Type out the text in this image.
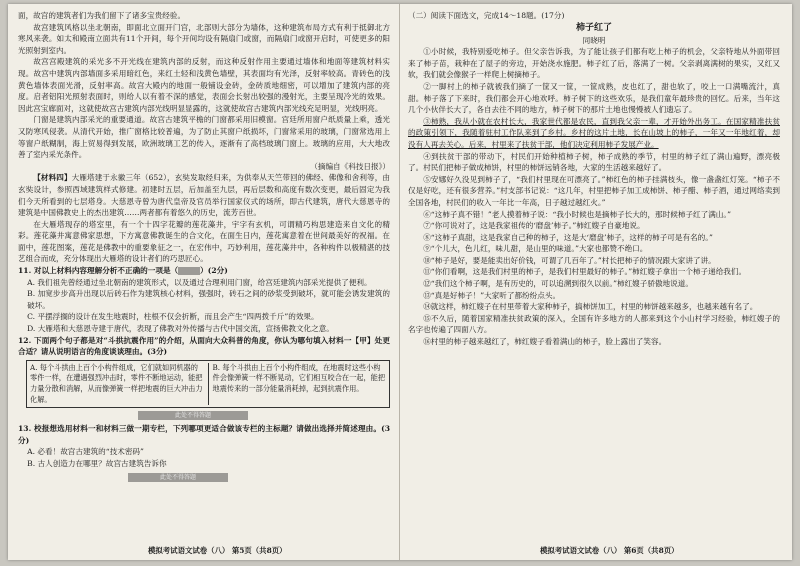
面，故宫的建筑者们为我们留下了诸多宝贵经验。

故宫建筑风格以坐北朝南，即面北立面开门宫，北部则大部分为墙体，这种建筑布局方式有利于抵御北方寒风来袭。如太和殿南立面共有11个开间，每个开间均设有隔扇门或窗，而隔扇门或窗开启时，可使更多的阳光照射到室内。

故宫宫殿建筑的采光多不开光线在建筑内部的反射，而这种反射作用主要通过墙体和地面等建筑材料实现。故宫中建筑内部墙面多采用暗红色，来红土轻和浅黄色墙壁，其表面均有光泽，反射率较高。青砖色的浅黄色墙体表面光滑，反射率高。故宫大殿内的地面一般铺设金砖，金砖质地细密，可以增加了建筑内部的亮度。启者铝阳光照射表面时，则给人以有着不深的感觉，表面会长射出较强的漫射光，主要呈现冷光的效果。因此宫宝廊面对，这就使故宫古建筑内部光线明显显露的，这就使故宫古建筑内部光线充足明显，光线明亮。

门窗是建筑内部采光的重要通道。故宫古建筑平檐的门窗都采用旧模窗。宫廷所用窗户纸质量上乘，透光又防寒风侵袭。从清代开始，推广窗格比较普遍，为了防止其窗户纸损坏，门窗常采用的玻璃，门窗常选用上等窗户纸糊制，海上贸易得到发展，欧洲玻璃工艺的传入，逐渐有了高档玻璃门窗上。玻璃的应用，大大地改善了室内采光条件。

（摘编自《科技日报》）

【材料四】大雁塔建于永徽三年（652），玄奘发取经归来，为供奉从天竺带回的佛经、佛像和舍利等，由玄奘设计，参照西域建筑样式修建。初建时五层，后加盖至九层，再后层数和高度有数次变更，最后固定为我们今天所看到的七层塔身。大慈恩寺曾为唐代皇帝及官员举行国家仪式的场所，即古代建筑，唐代大慈恩寺的建筑是中国佛教史上的杰出建筑……两者都有着悠久的历史，流芳百世。

在大雁塔现存的塔室里，有一个十四字花瓣的莲花藻井，宇字有玄机，可谓精巧构思建造来自文化的精彩。莲花藻井寓意佛家思想，下方寓意佛教诞生的合文化，在面生日内，莲花寓意着在世间最美好的祝福。在面中，莲花图案，莲花是佛教中的重要象征之一，在宏伟中，巧妙利用，莲花藻井中，各种构件以极精湛的技艺组合而成，充分体现出大雁塔的设计者们的巧思匠心。

11. 对以上材料内容理解分析不正确的一项是（	）(2分)

A. 我们祖先曾经通过坐北朝南的建筑形式，以及通过合理利用门窗，给宫廷建筑内部采光提供了便利。

B. 加宽步步高升出现以后砖石作为建筑核心材料，强强时，砖石之间的砂浆受到破坏，就可能会诱发建筑的破坏。

C. 平摆浮搁的设计在发生地震时，柱根不仅会折断，而且会产生“四两拨千斤”的效果。

D. 大雁塔和大慈恩寺建于唐代，表现了佛教对外传播与古代中国交流，宣扬佛教文化之意。

12. 下面两个句子都是对“斗拱抗震作用”的介绍，从面向大众科普的角度，你认为哪句填入材料一【甲】处更合适？请从说明语言的角度谈谈理由。(3分)

A. 每个斗拱由上百个小构件组成，它们就如同机器的零件一样，在遭遇强烈冲击时，零件不断地运动，能把力量分散和消解，从而像弹簧一样把地震的巨大冲击力化解。
B. 每个斗拱由上百个小构件组成，在地震时这些小构件会像弹簧一样不断晃动，它们相互咬合在一起，能把地震传来的一部分能量消耗掉，起到抗震作用。
此处不得答题

13. 校报想选用材料一和材料三做一期专栏，下列哪项更适合做该专栏的主标题？请做出选择并简述理由。(3分)

A. 必看！故宫古建筑的“技术密码”

B. 古人创造力在哪里？故宫古建筑告诉你

此处不得答题

（二）阅读下面选文，完成14～18题。(17分)

柿子红了

同晓明

①小时候，我特别爱吃柿子。但父亲告诉我，为了能让孩子们都有吃上柿子的机会，父亲特地从外面带回来了柿子苗，栽种在了屋子的旁边，开始浇水施肥。柿子红了后，落满了一树。父亲剥离满树的果实，又红又软，我们就会像猴子一样爬上树摘柿子。

②一脚村上的柿子就被我们摘了一筐又一筐，一筐成熟，皮也红了，甜也软了，咬上一口满嘴流汁，真甜。柿子落了下来时，我们都会开心地欢呼。柿子树下的这些欢乐，是我们童年最珍贵的回忆。后来，当年这几个小伙伴长大了，各自去往不同的地方，柿子树下的那片土地也慢慢被人们遗忘了。

③柿熟，我从小就在农村长大，我家世代都是农民，直到我父亲一辈，才开始外出务工。在国家精准扶贫的政策引领下，我随着驻村工作队来到了乡村。乡村的这片土地，长在山坡上的柿子，一年又一年地红着，却没有人再去关心。后来，村里来了扶贫干部，他们决定利用柿子发展产业。

④到扶贫干部的带动下，村民们开始种植柿子树，柿子成熟的季节，村里的柿子红了满山遍野，漂亮极了。村民们把柿子做成柿饼，村里的柿饼远销各地，大家的生活越来越好了。

⑤安娜好久没见到柿子了，“我们村里现在可漂亮了。”柿红色的柿子挂满枝头，像一盏盏红灯笼。“柿子不仅是好吃，还有很多营养。”村支部书记说：“这几年，村里把柿子加工成柿饼、柿子醋、柿子酒，通过网络卖到全国各地，村民们的收入一年比一年高，日子越过越红火。”

⑥“这柿子真不错！”老人摸着柿子说：“我小时候也是摘柿子长大的，那时候柿子红了满山。”

⑦“你可说对了，这是我家祖传的‘磨盘’柿子。”柿红嫂子自豪地说。

⑧“这柿子真甜，这是我家自己种的柿子，这是大‘磨盘’柿子，这样的柿子可是有名的。”

⑨“个儿大，色儿红，味儿甜，是山里的味道。”大家也都赞不绝口。

⑩“柿子是好，要是能卖出好价钱，可谓了几百年了。”村长把柿子的情况跟大家讲了讲。

⑪“你们看啊，这是我们村里的柿子，是我们村里最好的柿子。”柿红嫂子拿出一个柿子递给我们。

⑫“我们这个柿子啊，是有历史的，可以追溯到很久以前。”柿红嫂子骄傲地说道。

⑬“真是好柿子！”大家听了都纷纷点头。

⑭就这样，柿红嫂子在村里带着大家种柿子，搞柿饼加工，村里的柿饼越来越多，也越来越有名了。

⑮不久后，随着国家精准扶贫政策的深入，全国有许多地方的人都来到这个小山村学习经验，柿红嫂子的名字也传遍了四面八方。

⑯村里的柿子越来越红了，柿红嫂子看着满山的柿子，脸上露出了笑容。

模拟考试语文试卷（八） 第5页（共8页）	模拟考试语文试卷（八） 第6页（共8页）
